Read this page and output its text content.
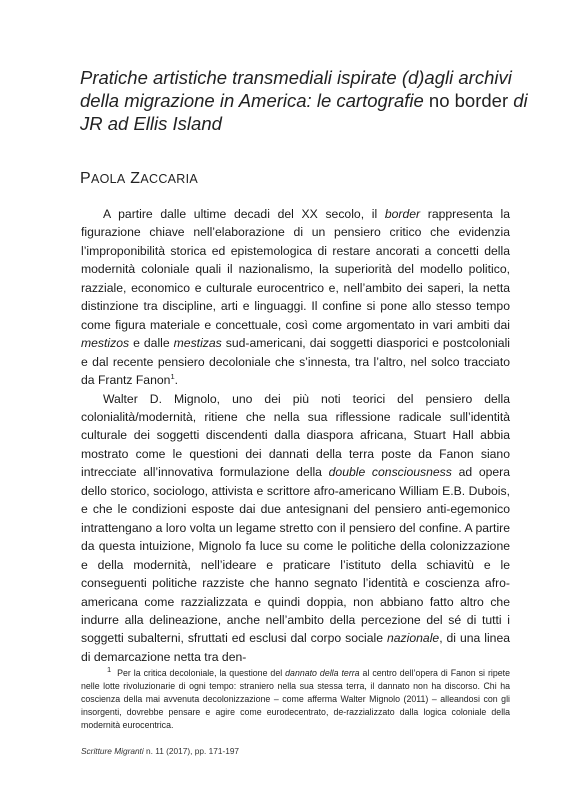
Pratiche artistiche transmediali ispirate (d)agli archivi della migrazione in America: le cartografie no border di JR ad Ellis Island
PAOLA ZACCARIA

A partire dalle ultime decadi del XX secolo, il border rappresenta la figurazione chiave nell’elaborazione di un pensiero critico che evidenzia l’improponibilità storica ed epistemologica di restare ancorati a concetti della modernità coloniale quali il nazionalismo, la superiorità del modello politico, razziale, economico e culturale eurocentrico e, nell’ambito dei saperi, la netta distinzione tra discipline, arti e linguaggi. Il confine si pone allo stesso tempo come figura materiale e concettuale, così come argomentato in vari ambiti dai mestizos e dalle mestizas sud-americani, dai soggetti diasporici e postcoloniali e dal recente pensiero decoloniale che s’innesta, tra l’altro, nel solco tracciato da Frantz Fanon$^1$.

Walter D. Mignolo, uno dei più noti teorici del pensiero della colonialità/modernità, ritiene che nella sua riflessione radicale sull’identità culturale dei soggetti discendenti dalla diaspora africana, Stuart Hall abbia mostrato come le questioni dei dannati della terra poste da Fanon siano intrecciate all’innovativa formulazione della double consciousness ad opera dello storico, sociologo, attivista e scrittore afro-americano William E.B. Dubois, e che le condizioni esposte dai due antesignani del pensiero anti-egemonico intrattengano a loro volta un legame stretto con il pensiero del confine. A partire da questa intuizione, Mignolo fa luce su come le politiche della colonizzazione e della modernità, nell’ideare e praticare l’istituto della schiavitù e le conseguenti politiche razziste che hanno segnato l’identità e coscienza afro-americana come razzializzata e quindi doppia, non abbiano fatto altro che indurre alla delineazione, anche nell’ambito della percezione del sé di tutti i soggetti subalterni, sfruttati ed esclusi dal corpo sociale nazionale, di una linea di demarcazione netta tra den-

1 Per la critica decoloniale, la questione del dannato della terra al centro dell’opera di Fanon si ripete nelle lotte rivoluzionarie di ogni tempo: straniero nella sua stessa terra, il dannato non ha discorso. Chi ha coscienza della mai avvenuta decolonizzazione – come afferma Walter Mignolo (2011) – alleandosi con gli insorgenti, dovrebbe pensare e agire come eurodecentrato, de-razzializzato dalla logica coloniale della modernità eurocentrica.

Scritture Migranti n. 11 (2017), pp. 171-197
